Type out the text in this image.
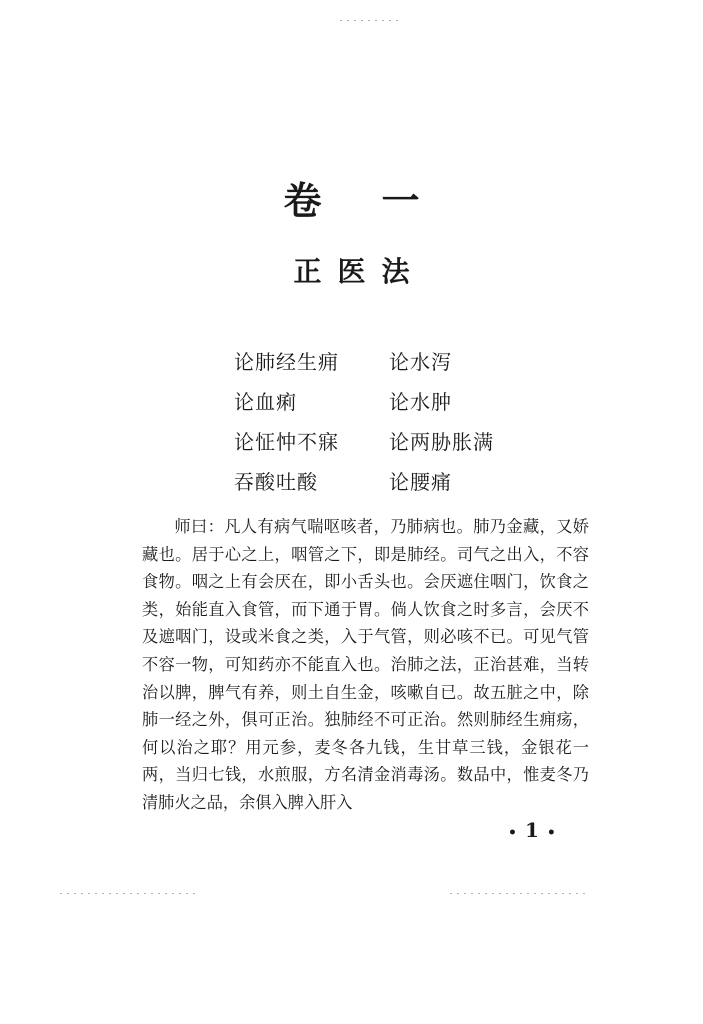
卷一
正医法
论肺经生痈	论水泻
论血痢	论水肿
论怔忡不寐	论两胁胀满
吞酸吐酸	论腰痛

师曰：凡人有病气喘呕咳者，乃肺病也。肺乃金藏，又娇藏也。居于心之上，咽管之下，即是肺经。司气之出入，不容食物。咽之上有会厌在，即小舌头也。会厌遮住咽门，饮食之类，始能直入食管，而下通于胃。倘人饮食之时多言，会厌不及遮咽门，设或米食之类，入于气管，则必咳不已。可见气管不容一物，可知药亦不能直入也。治肺之法，正治甚难，当转治以脾，脾气有养，则土自生金，咳嗽自已。故五脏之中，除肺一经之外，俱可正治。独肺经不可正治。然则肺经生痈疡，何以治之耶？用元参，麦冬各九钱，生甘草三钱，金银花一两，当归七钱，水煎服，方名清金消毒汤。数品中，惟麦冬乃清肺火之品，余俱入脾入肝入

• 1 •
